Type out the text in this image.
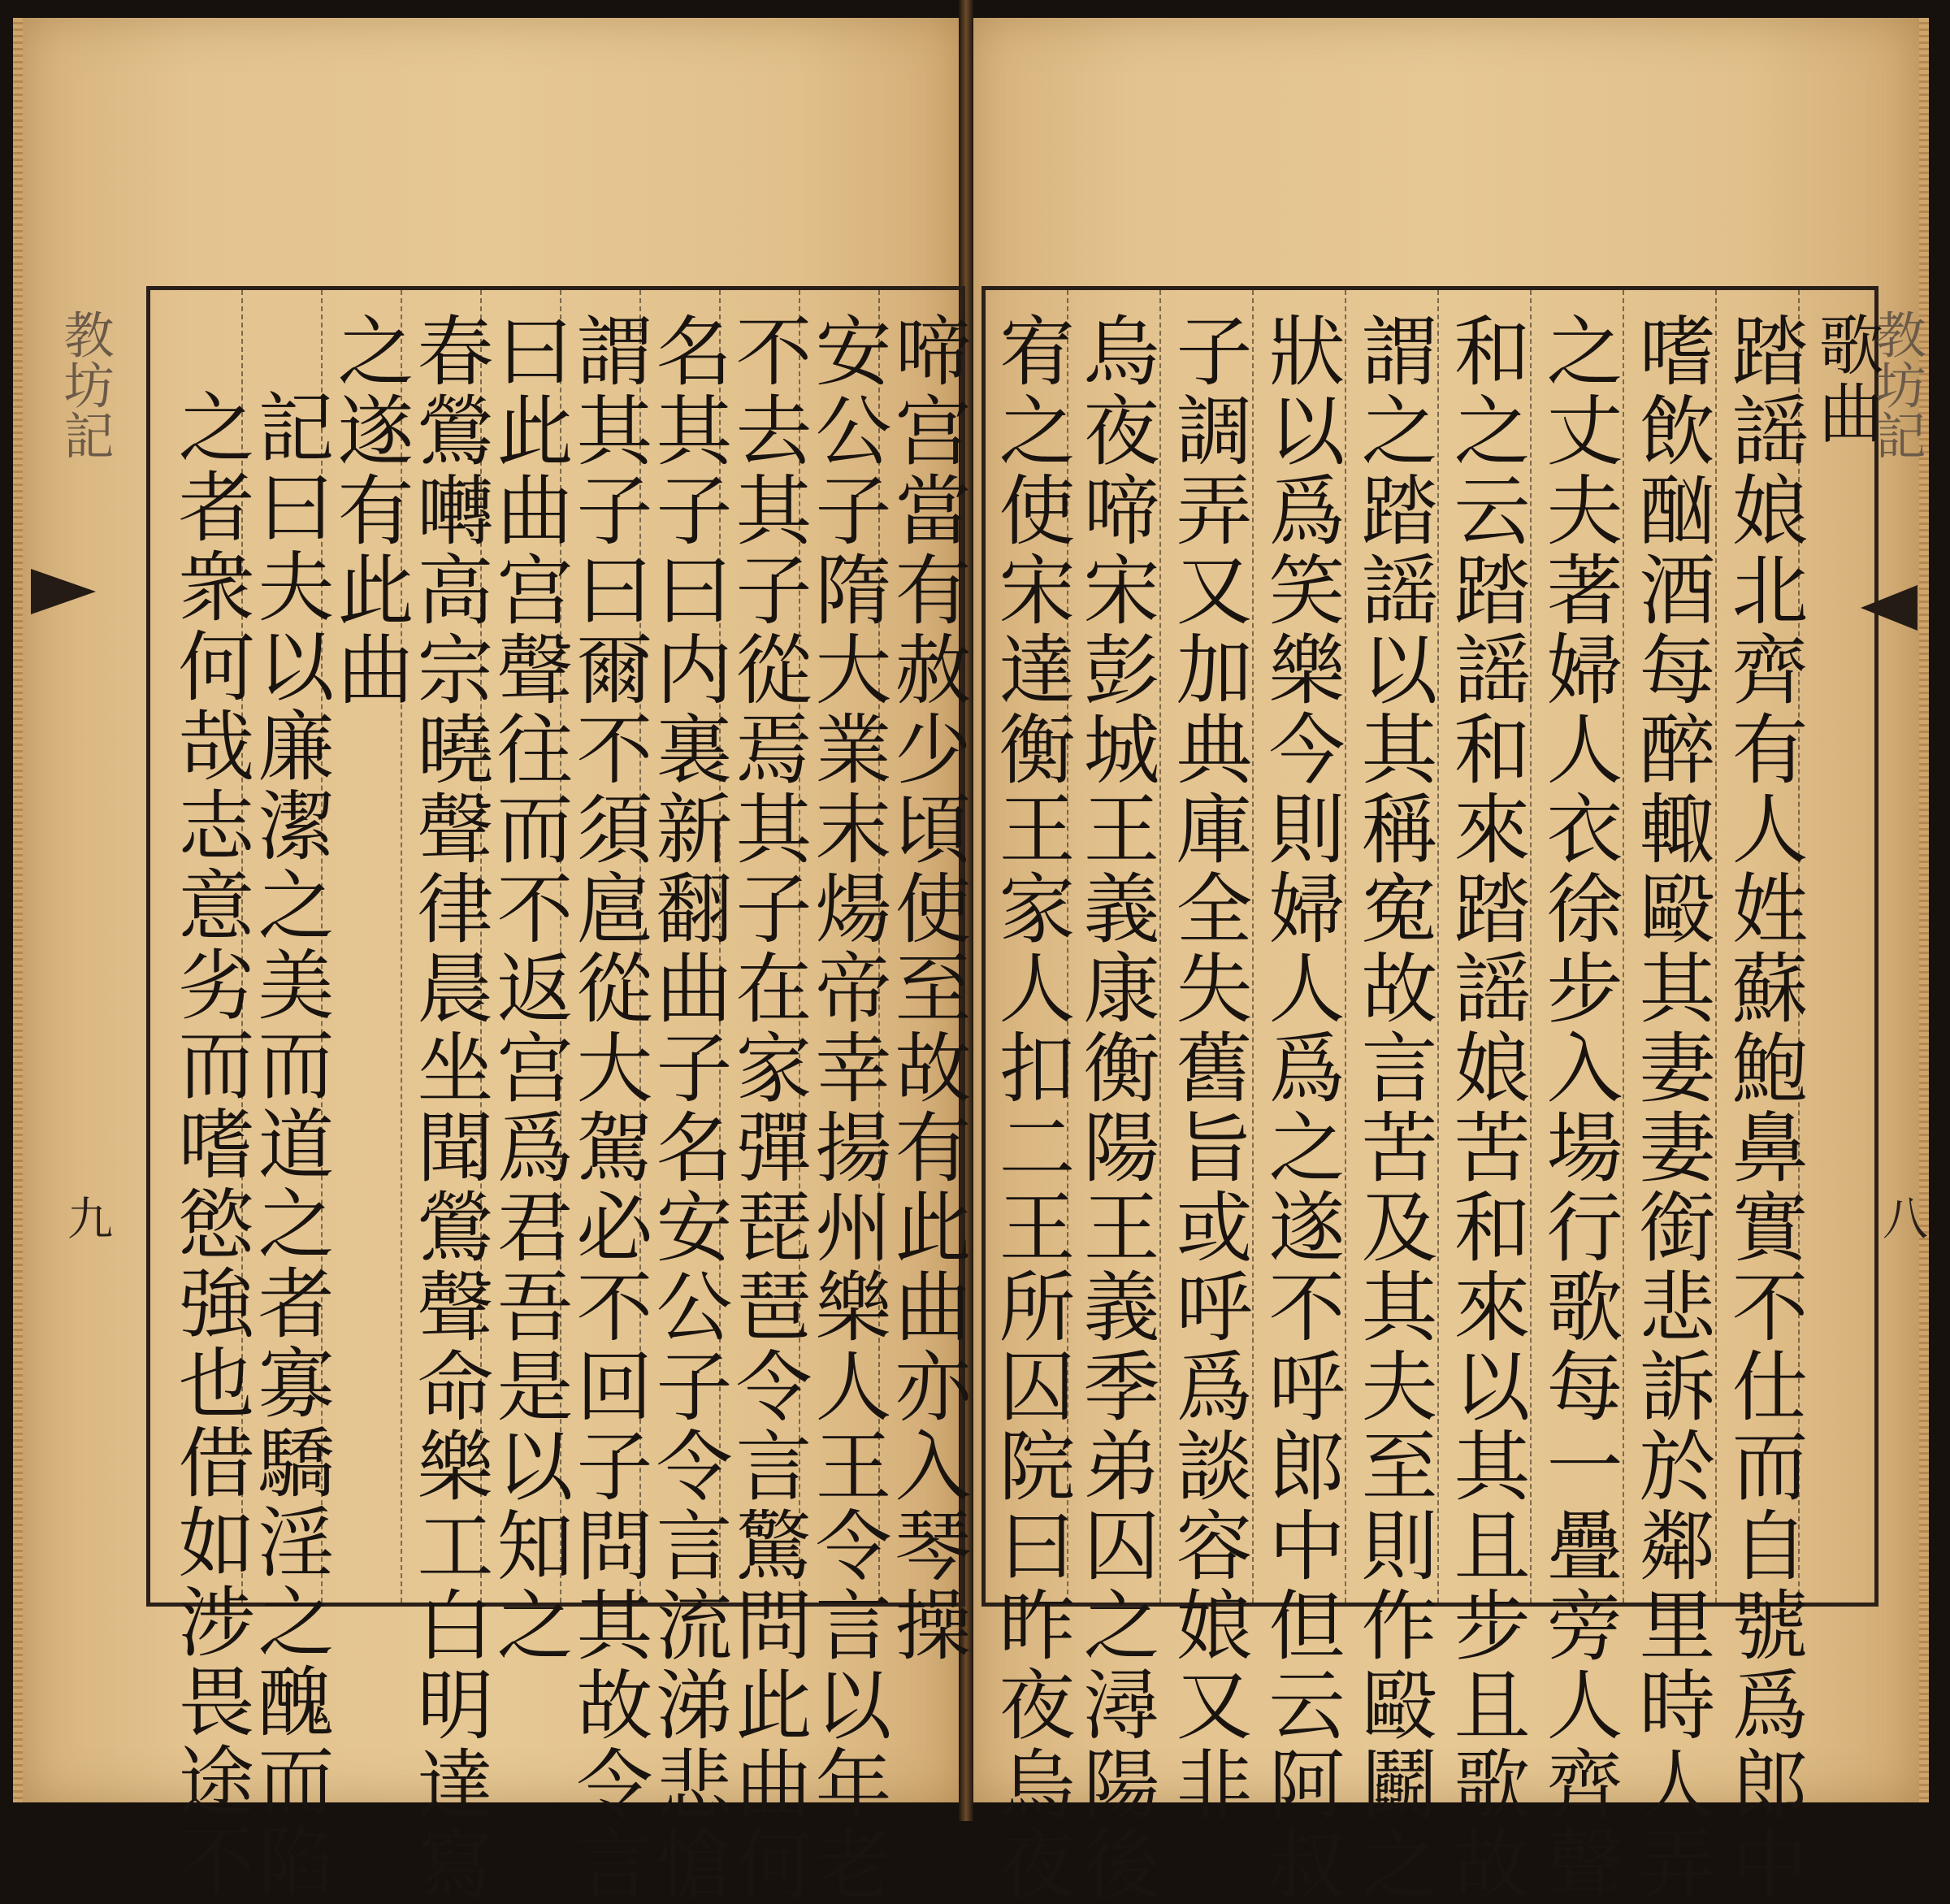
啼宫當有赦少頃使至故有此曲亦入琴操
安公子隋大業末煬帝幸揚州樂人王令言以年老
不去其子從焉其子在家彈琵琶令言驚問此曲何
名其子曰内裏新翻曲子名安公子令言流涕悲愴
謂其子曰爾不須扈從大駕必不回子問其故令言
曰此曲宫聲往而不返宫爲君吾是以知之
春鶯囀高宗曉聲律晨坐聞鶯聲命樂工白明達寫
之遂有此曲
記曰夫以廉潔之美而道之者寡驕淫之醜而陷
之者衆何哉志意劣而嗜慾強也借如涉畏途不
教坊記
九
歌曲
踏謡娘北齊有人姓蘇鮑鼻實不仕而自號爲郎中
嗜飲酗酒每醉輙毆其妻妻銜悲訴於鄰里時人弄
之丈夫著婦人衣徐步入場行歌每一疊旁人齊聲
和之云踏謡和來踏謡娘苦和來以其且步且歌故
謂之踏謡以其稱寃故言苦及其夫至則作毆鬬之
狀以爲笑樂今則婦人爲之遂不呼郎中但云阿叔
子調弄又加典庫全失舊旨或呼爲談容娘又非
烏夜啼宋彭城王義康衡陽王義季弟囚之潯陽後
宥之使宋達衡王家人扣二王所囚院曰昨夜烏夜	教坊記
八
